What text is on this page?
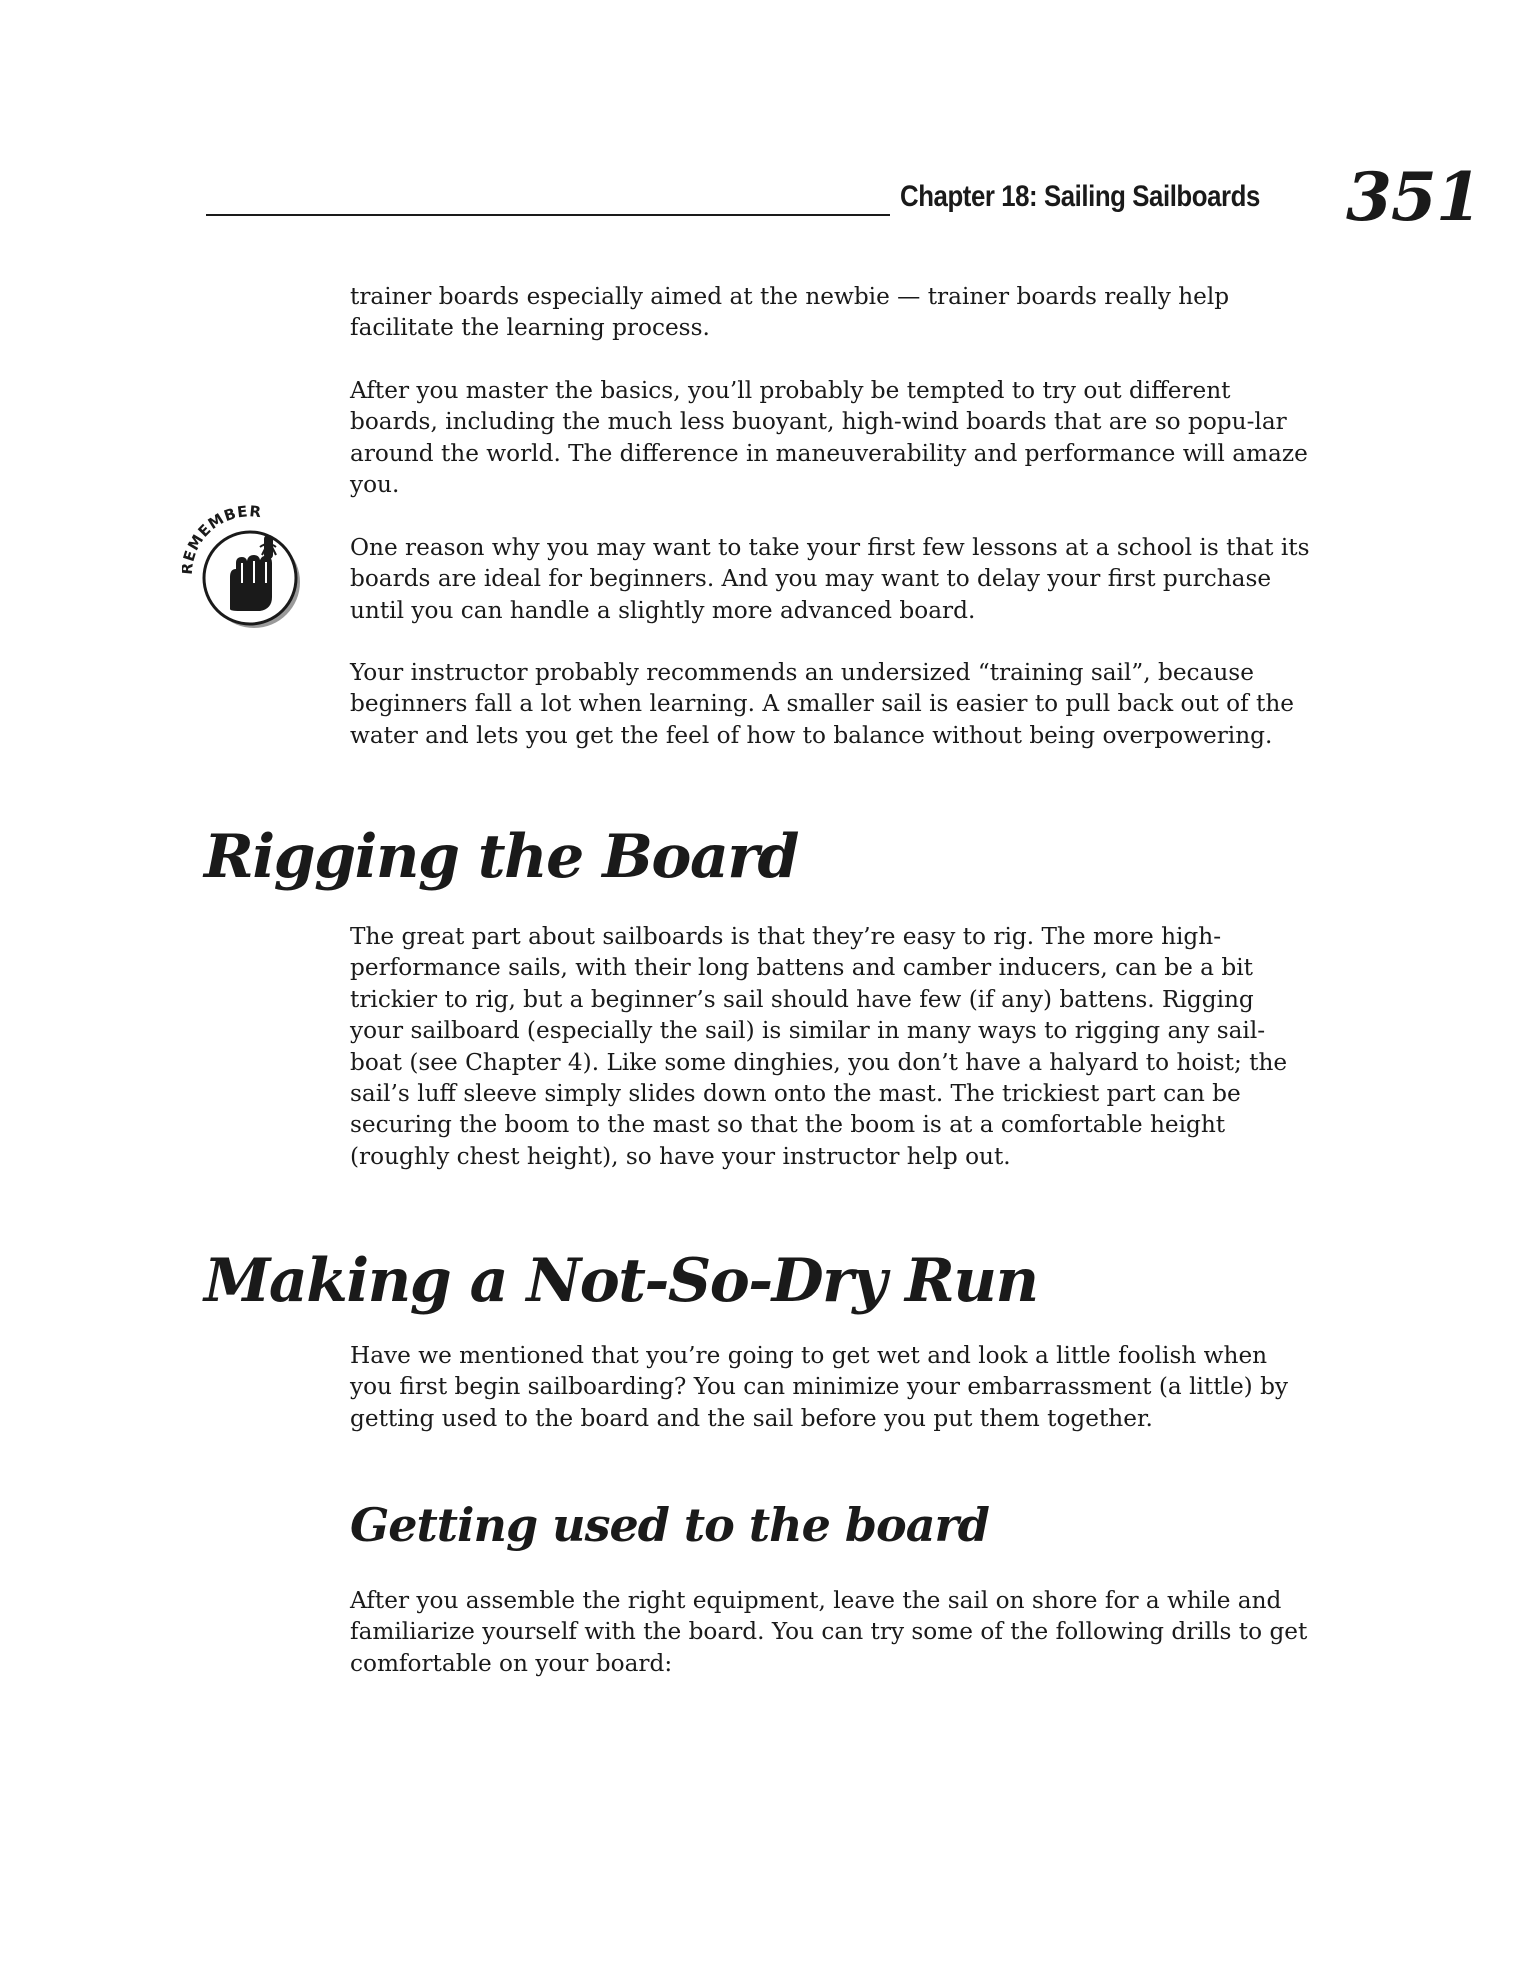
Chapter 18: Sailing Sailboards 351

trainer boards especially aimed at the newbie — trainer boards really help facilitate the learning process.

After you master the basics, you’ll probably be tempted to try out different boards, including the much less buoyant, high-wind boards that are so popu-lar around the world. The difference in maneuverability and performance will amaze you.

MEMBER

One reason why you may want to take your first few lessons at a school is that its boards are ideal for beginners. And you may want to delay your first purchase until you can handle a slightly more advanced board.

Your instructor probably recommends an undersized “training sail”, because beginners fall a lot when learning. A smaller sail is easier to pull back out of the water and lets you get the feel of how to balance without being overpowering.

Rigging the Board

The great part about sailboards is that they’re easy to rig. The more high-performance sails, with their long battens and camber inducers, can be a bit trickier to rig, but a beginner’s sail should have few (if any) battens. Rigging your sailboard (especially the sail) is similar in many ways to rigging any sail-boat (see Chapter 4). Like some dinghies, you don’t have a halyard to hoist; the sail’s luff sleeve simply slides down onto the mast. The trickiest part can be securing the boom to the mast so that the boom is at a comfortable height (roughly chest height), so have your instructor help out.

Making a Not-So-Dry Run

Have we mentioned that you’re going to get wet and look a little foolish when you first begin sailboarding? You can minimize your embarrassment (a little) by getting used to the board and the sail before you put them together.

Getting used to the board

After you assemble the right equipment, leave the sail on shore for a while and familiarize yourself with the board. You can try some of the following drills to get comfortable on your board:
